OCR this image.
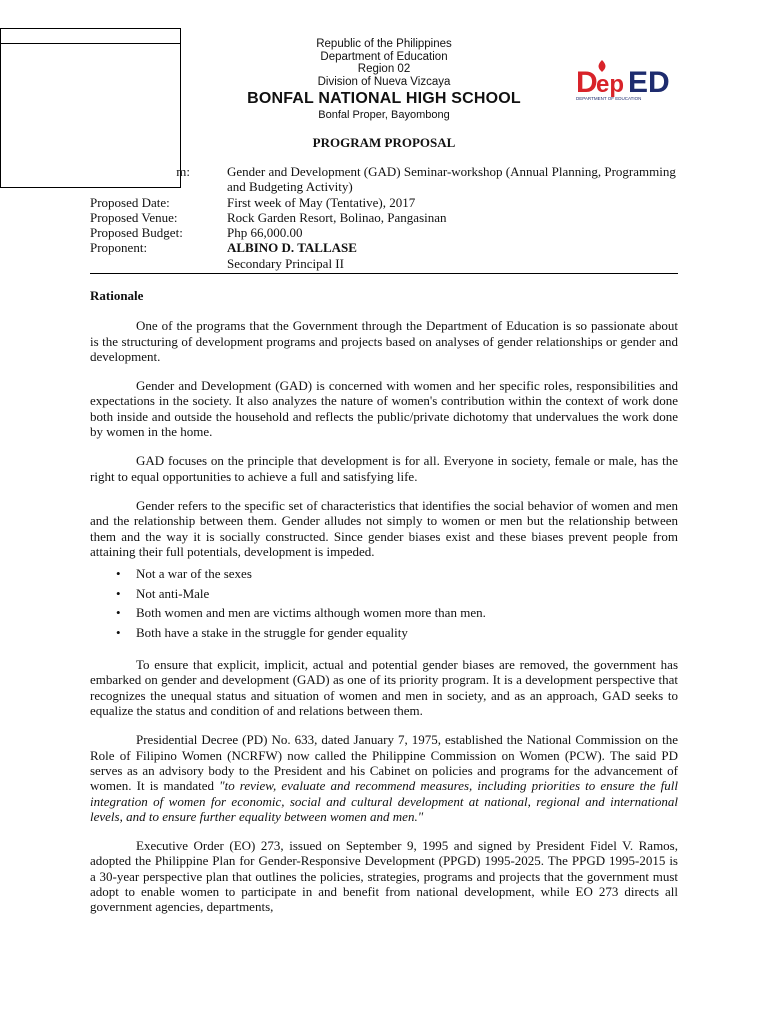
Republic of the Philippines
Department of Education
Region 02
Division of Nueva Vizcaya
BONFAL NATIONAL HIGH SCHOOL
Bonfal Proper, Bayombong
D
ep ED
DEPARTMENT OF EDUCATION
PROGRAM PROPOSAL
m:	Gender and Development (GAD) Seminar-workshop (Annual Planning, Programming and Budgeting Activity)
Proposed Date:	First week of May (Tentative), 2017
Proposed Venue:	Rock Garden Resort, Bolinao, Pangasinan
Proposed Budget:	Php 66,000.00
Proponent:	ALBINO D. TALLASE
Secondary Principal II
Rationale

One of the programs that the Government through the Department of Education is so passionate about is the structuring of development programs and projects based on analyses of gender relationships or gender and development.

Gender and Development (GAD) is concerned with women and her specific roles, responsibilities and expectations in the society. It also analyzes the nature of women's contribution within the context of work done both inside and outside the household and reflects the public/private dichotomy that undervalues the work done by women in the home.

GAD focuses on the principle that development is for all. Everyone in society, female or male, has the right to equal opportunities to achieve a full and satisfying life.

Gender refers to the specific set of characteristics that identifies the social behavior of women and men and the relationship between them. Gender alludes not simply to women or men but the relationship between them and the way it is socially constructed. Since gender biases exist and these biases prevent people from attaining their full potentials, development is impeded.

• Not a war of the sexes
• Not anti-Male
• Both women and men are victims although women more than men.
• Both have a stake in the struggle for gender equality

To ensure that explicit, implicit, actual and potential gender biases are removed, the government has embarked on gender and development (GAD) as one of its priority program. It is a development perspective that recognizes the unequal status and situation of women and men in society, and as an approach, GAD seeks to equalize the status and condition of and relations between them.

Presidential Decree (PD) No. 633, dated January 7, 1975, established the National Commission on the Role of Filipino Women (NCRFW) now called the Philippine Commission on Women (PCW). The said PD serves as an advisory body to the President and his Cabinet on policies and programs for the advancement of women. It is mandated "to review, evaluate and recommend measures, including priorities to ensure the full integration of women for economic, social and cultural development at national, regional and international levels, and to ensure further equality between women and men."

Executive Order (EO) 273, issued on September 9, 1995 and signed by President Fidel V. Ramos, adopted the Philippine Plan for Gender-Responsive Development (PPGD) 1995-2025. The PPGD 1995-2015 is a 30-year perspective plan that outlines the policies, strategies, programs and projects that the government must adopt to enable women to participate in and benefit from national development, while EO 273 directs all government agencies, departments,
